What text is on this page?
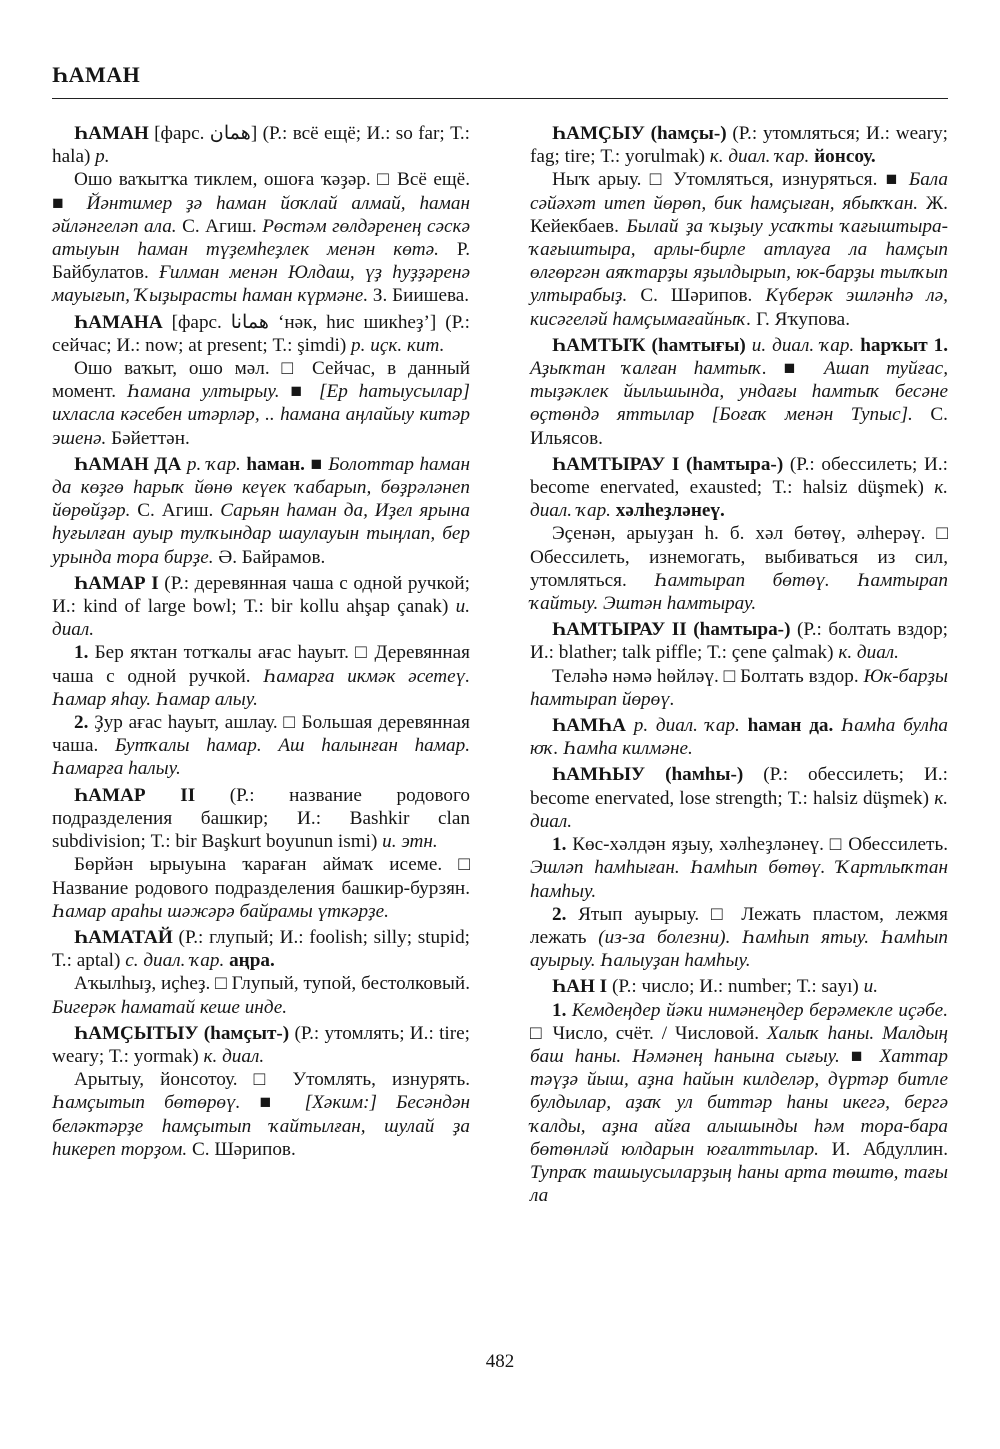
ҺАМАН

ҺАМАН [фарс. همان] (Р.: всё ещё; И.: so far; Т.: hala) p.

Ошо ваҡытҡа тиклем, ошоға ҡәҙәр. □ Всё ещё. ■ Йәнтимер ҙә һаман йоҡлай алмай, һаман әйләнгеләп ала. С. Агиш. Рөстәм гөлдәренең сәскә атыуын һаман түҙемһеҙлек менән көтә. Р. Байбулатов. Ғилман менән Юлдаш, үҙ һуҙҙәренә мауығып, Ҡыҙырасты һаман күрмәне. З. Биишева.

ҺАМАНА [фарс. همانا ‘нәк, һис шикһеҙ’] (Р.: сейчас; И.: now; at present; Т.: şimdi) p. иҫк. кит.

Ошо ваҡыт, ошо мәл. □ Сейчас, в данный момент. Һамана ултырыу. ■ [Ер һатыусылар] ихласла кәсебен итәрләр, .. һамана аңлайыу китәр эшенә. Бәйеттән.

ҺАМАН ДА р. ҡар. һаман. ■ Болоттар һаман да көҙгө һарыҡ йөнө кеүек ҡабарып, бөҙрәләнеп йөрөйҙәр. С. Агиш. Сарьян һаман да, Иҙел ярына һуғылған ауыр тулҡындар шаулауын тыңлап, бер урында тора бирҙе. Ә. Байрамов.

ҺАМАР I (Р.: деревянная чаша с одной ручкой; И.: kind of large bowl; Т.: bir kollu ahşap çanak) и. диал.

1. Бер яҡтан тотҡалы ағас һауыт. □ Деревянная чаша с одной ручкой. Һамарға икмәк әсетеү. Һамар яһау. Һамар алыу.

2. Ҙур ағас һауыт, ашлау. □ Большая деревянная чаша. Бутҡалы һамар. Аш һалынған һамар. Һамарға һалыу.

ҺАМАР II (Р.: название родового подразделения башкир; И.: Bashkir clan subdivision; Т.: bir Başkurt boyunun ismi) и. этн.

Бөрйән ырыуына ҡараған аймаҡ исеме. □ Название родового подразделения башкир-бурзян. Һамар араһы шәжәрә байрамы үткәрҙе.

ҺАМАТАЙ (Р.: глупый; И.: foolish; silly; stupid; Т.: aptal) с. диал. ҡар. аңра.

Аҡылһыҙ, иҫһеҙ. □ Глупый, тупой, бестолковый. Бигерәк һаматай кеше инде.

ҺАМҪЫТЫУ (һамҫыт-) (Р.: утомлять; И.: tire; weary; Т.: yormak) к. диал.

Арытыу, йонсотоу. □ Утомлять, изнурять. Һамҫытып бөтөрөү. ■ [Хәким:] Бесәндән беләктәрҙе һамҫытып ҡайтылған, шулай ҙа һикереп торҙом. С. Шәрипов.

ҺАМҪЫУ (һамҫы-) (Р.: утомляться; И.: weary; fag; tire; Т.: yorulmak) к. диал. ҡар. йонсоу.

Ныҡ арыу. □ Утомляться, изнуряться. ■ Бала сәйәхәт итеп йөрөп, бик һамҫыған, ябыҡҡан. Ж. Кейекбаев. Былай ҙа ҡыҙыу усаҡты ҡағыштыра-ҡағыштыра, арлы-бирле атлауға ла һамҫып өлгөргән аяҡтарҙы яҙылдырып, юк-барҙы тылҡып ултырабыҙ. С. Шәрипов. Күберәк эшләнһә лә, кисәгеләй һамҫымағайныҡ. Г. Яҡупова.

ҺАМТЫҠ (һамтығы) и. диал. ҡар. һарҡыт 1. Аҙыҡтан ҡалған һамтыҡ. ■ Ашап туйғас, тыҙәклек йыльшында, ундағы һамтыҡ бесәне өҫтөндә яттылар [Боғаҡ менән Тупыс]. С. Ильясов.

ҺАМТЫРАУ I (һамтыра-) (Р.: обессилеть; И.: become enervated, exausted; Т.: halsiz düşmek) к. диал. ҡар. хәлһеҙләнеү.

Эҫенән, арыуҙан һ. б. хәл бөтөү, әлһерәү. □ Обессилеть, изнемогать, выбиваться из сил, утомляться. Һамтырап бөтөү. Һамтырап ҡайтыу. Эштән һамтырау.

ҺАМТЫРАУ II (һамтыра-) (Р.: болтать вздор; И.: blather; talk piffle; Т.: çene çalmak) к. диал.

Теләһә нәмә һөйләү. □ Болтать вздор. Юк-барҙы һамтырап йөрөү.

ҺАМҺА р. диал. ҡар. һаман да. Һамһа булһа юҡ. Һамһа килмәне.

ҺАМҺЫУ (һамһы-) (Р.: обессилеть; И.: become enervated, lose strength; Т.: halsiz düşmek) к. диал.

1. Көс-хәлдән яҙыу, хәлһеҙләнеү. □ Обессилеть. Эшләп һамһыған. Һамһып бөтөү. Ҡартлыҡтан һамһыу.

2. Ятып ауырыу. □ Лежать пластом, лежмя лежать (из-за болезни). Һамһып ятыу. Һамһып ауырыу. Һалыуҙан һамһыу.

ҺАН I (Р.: число; И.: number; Т.: sayı) и.

1. Кемдеңдер йәки нимәнеңдер берәмекле иҫәбе. □ Число, счёт. / Числовой. Халыҡ һаны. Малдың баш һаны. Нәмәнең һанына сығыу. ■ Хаттар тәүҙә йыш, аҙна һайын килделәр, дүртәр битле булдылар, аҙаҡ ул биттәр һаны икегә, бергә ҡалды, аҙна айға алышынды һәм тора-бара бөтөнләй юлдарын юғалттылар. И. Абдуллин. Тупраҡ ташыусыларҙың һаны арта төштө, тағы ла

482
